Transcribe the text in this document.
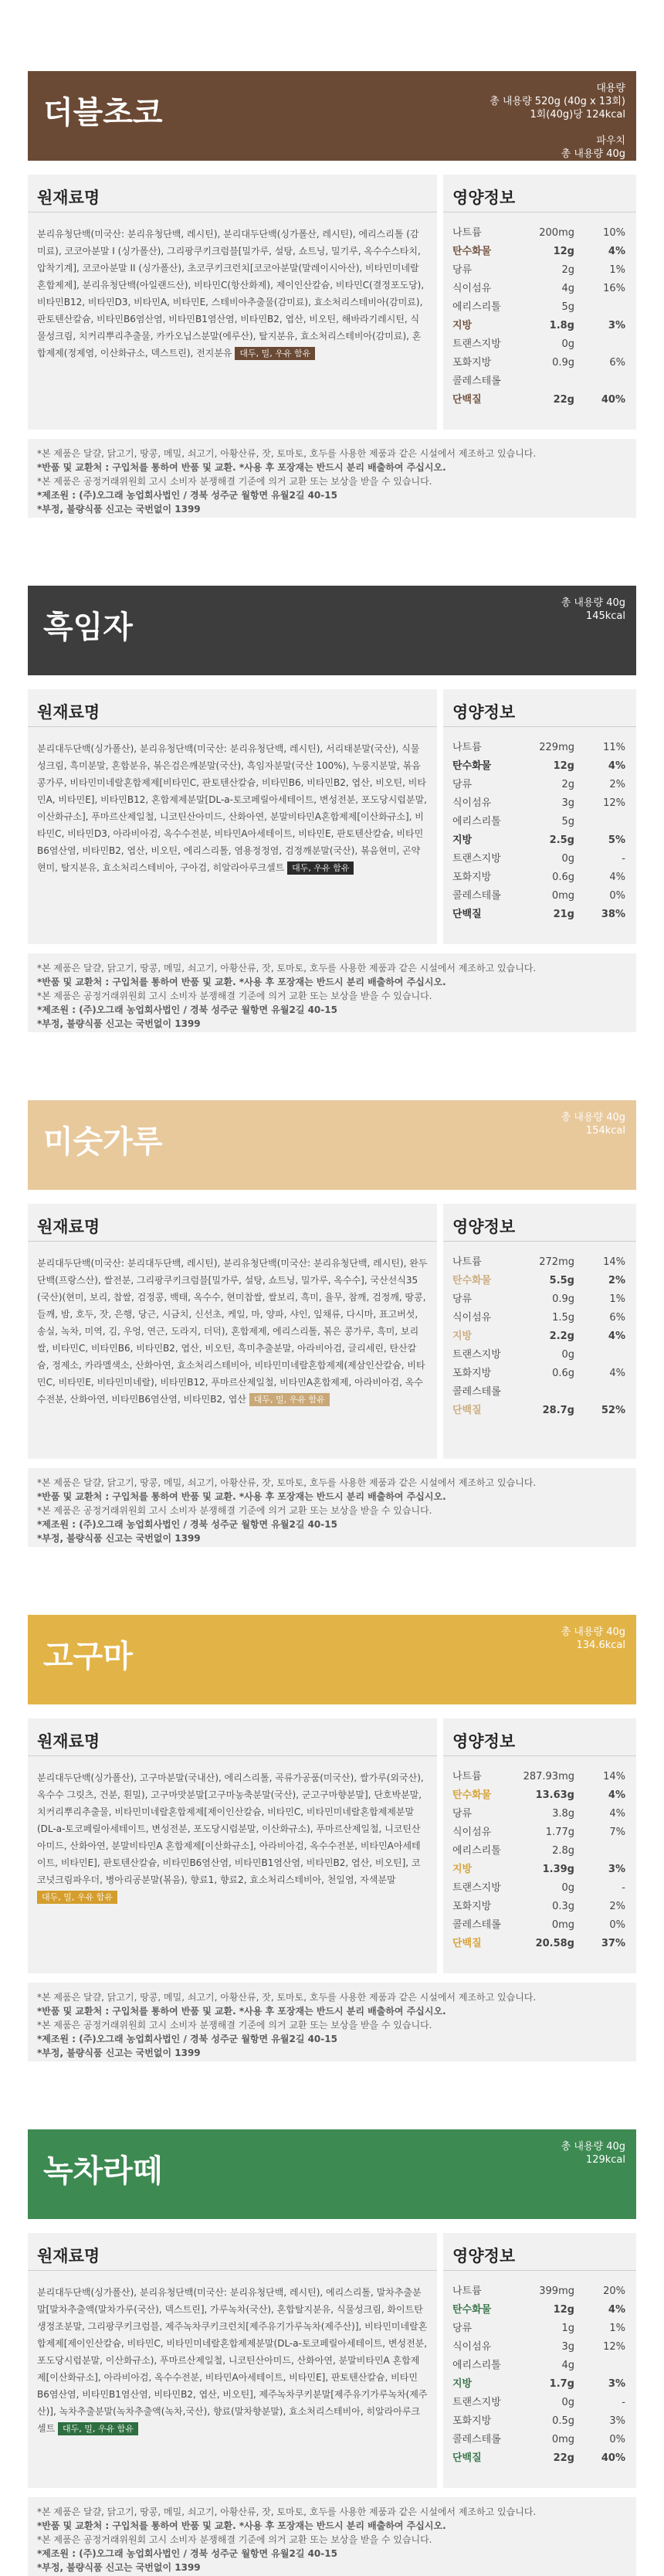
더블초코
대용량
총 내용량 520g (40g x 13회)
1회(40g)당 124kcal
파우치
총 내용량 40g
124kcal
원재료명
분리유청단백(미국산: 분리유청단백, 레시틴), 분리대두단백(싱가폴산, 레시틴), 에리스리톨 (감미료), 코코아분말 I (싱가폴산), 그리팡쿠키크럼블[밀가루, 설탕, 쇼트닝, 밀기루, 옥수수스타치, 압착기계], 코코아분말 II (싱가폴산), 초코쿠키크런치[코코아분말(말레이시아산), 비타민미네랄혼합제제], 분리유청단백(아일랜드산), 비타민C(항산화제), 제이인산칼슘, 비타민C(결정포도당), 비타민B12, 비타민D3, 비타민A, 비타민E, 스테비아추출물(감미료), 효소처리스테비아(감미료), 판토텐산칼슘, 비타민B6염산염, 비타민B1염산염, 비타민B2, 엽산, 비오틴, 해바라기레시틴, 식물성크림, 치커리뿌리추출물, 카카오닙스분말(에루산), 탈지분유, 효소처리스테비아(감미료), 혼합제제(정제염, 이산화규소, 덱스트린), 전지분유 대두, 밀, 우유 함유
영양정보
나트륨	200mg	10%
탄수화물	12g	4%
당류	2g	1%
식이섬유	4g	16%
에리스리톨	5g
지방	1.8g	3%
트랜스지방	0g
포화지방	0.9g	6%
콜레스테롤
단백질	22g	40%
*본 제품은 달걀, 닭고기, 땅콩, 메밀, 쇠고기, 아황산류, 잣, 토마토, 호두를 사용한 제품과 같은 시설에서 제조하고 있습니다.
*반품 및 교환처 : 구입처를 통하여 반품 및 교환. *사용 후 포장재는 반드시 분리 배출하여 주십시오.
*본 제품은 공정거래위원회 고시 소비자 분쟁해결 기준에 의거 교환 또는 보상을 받을 수 있습니다.
*제조원 : (주)오그래 농업회사법인 / 경북 성주군 월항면 유월2길 40-15
*부정, 불량식품 신고는 국번없이 1399
흑임자
총 내용량 40g
145kcal
원재료명
분리대두단백(싱가폴산), 분리유청단백(미국산: 분리유청단백, 레시틴), 서리태분말(국산), 식물성크림, 흑미분말, 혼합분유, 볶은검은깨분말(국산), 흑임자분말(국산 100%), 누룽지분말, 볶음콩가루, 비타민미네랄혼합제제[비타민C, 판토텐산칼슘, 비타민B6, 비타민B2, 엽산, 비오틴, 비타민A, 비타민E], 비타민B12, 혼합제제분말[DL-a-토코페릴아세테이트, 변성전분, 포도당시럽분말, 이산화규소], 푸마르산제일철, 니코틴산아미드, 산화아연, 분말비타민A혼합제제[이산화규소], 비타민C, 비타민D3, 아라비아검, 옥수수전분, 비타민A아세테이트, 비타민E, 판토텐산칼슘, 비타민B6염산염, 비타민B2, 엽산, 비오틴, 에리스리톨, 염용정정염, 검정깨분말(국산), 볶음현미, 곤약현미, 탈지분유, 효소처리스테비아, 구아검, 히알라아루크셀트 대두, 우유 함유
영양정보
나트륨	229mg	11%
탄수화물	12g	4%
당류	2g	2%
식이섬유	3g	12%
에리스리톨	5g
지방	2.5g	5%
트랜스지방	0g	-
포화지방	0.6g	4%
콜레스테롤	0mg	0%
단백질	21g	38%
*본 제품은 달걀, 닭고기, 땅콩, 메밀, 쇠고기, 아황산류, 잣, 토마토, 호두를 사용한 제품과 같은 시설에서 제조하고 있습니다.
*반품 및 교환처 : 구입처를 통하여 반품 및 교환. *사용 후 포장재는 반드시 분리 배출하여 주십시오.
*본 제품은 공정거래위원회 고시 소비자 분쟁해결 기준에 의거 교환 또는 보상을 받을 수 있습니다.
*제조원 : (주)오그래 농업회사법인 / 경북 성주군 월항면 유월2길 40-15
*부정, 불량식품 신고는 국번없이 1399
미숫가루
총 내용량 40g
154kcal
원재료명
분리대두단백(미국산: 분리대두단백, 레시틴), 분리유청단백(미국산: 분리유청단백, 레시틴), 완두단백(프랑스산), 쌀전분, 그리팡쿠키크럼블[밀가루, 설탕, 쇼트닝, 밀가루, 옥수수], 국산선식35 (국산)(현미, 보리, 찹쌀, 검정콩, 백태, 옥수수, 현미찹쌀, 쌀보리, 흑미, 율무, 참깨, 검정깨, 땅콩, 들깨, 밤, 호두, 잣, 은행, 당근, 시금치, 신선초, 케일, 마, 양파, 샤인, 잎채류, 다시마, 표고버섯, 송실, 녹차, 미역, 김, 우엉, 연근, 도라지, 더덕), 혼합제제, 에리스리톨, 볶은 콩가루, 흑미, 보리쌀, 비타민C, 비타민B6, 비타민B2, 엽산, 비오틴, 흑미추출분말, 아라비아검, 글리세린, 탄산칼슘, 정제소, 카라멜색소, 산화아연, 효소처리스테비아, 비타민미네랄혼합제제(제삼인산칼슘, 비타민C, 비타민E, 비타민미네랄), 비타민B12, 푸마르산제일철, 비타민A혼합제제, 아라비아검, 옥수수전분, 산화아연, 비타민B6염산염, 비타민B2, 엽산 대두, 밀, 우유 함유
영양정보
나트륨	272mg	14%
탄수화물	5.5g	2%
당류	0.9g	1%
식이섬유	1.5g	6%
지방	2.2g	4%
트랜스지방	0g
포화지방	0.6g	4%
콜레스테롤
단백질	28.7g	52%
*본 제품은 달걀, 닭고기, 땅콩, 메밀, 쇠고기, 아황산류, 잣, 토마토, 호두를 사용한 제품과 같은 시설에서 제조하고 있습니다.
*반품 및 교환처 : 구입처를 통하여 반품 및 교환. *사용 후 포장재는 반드시 분리 배출하여 주십시오.
*본 제품은 공정거래위원회 고시 소비자 분쟁해결 기준에 의거 교환 또는 보상을 받을 수 있습니다.
*제조원 : (주)오그래 농업회사법인 / 경북 성주군 월항면 유월2길 40-15
*부정, 불량식품 신고는 국번없이 1399
고구마
총 내용량 40g
134.6kcal
원재료명
분리대두단백(싱가폴산), 고구마분말(국내산), 에리스리톨, 곡류가공품(미국산), 쌀가루(외국산), 옥수수 그릿츠, 건분, 흰밀), 고구마맛분말[고구마농축분말(국산), 군고구마향분말], 단호박분말, 치커리뿌리추출물, 비타민미네랄혼합제제[제이인산칼슘, 비타민C, 비타민미네랄혼합제제분말(DL-a-토코페릴아세테이트, 변성전분, 포도당시럽분말, 이산화규소), 푸마르산제일철, 니코틴산아미드, 산화아연, 분말비타민A 혼합제제[이산화규소], 아라비아검, 옥수수전분, 비타민A아세테이트, 비타민E], 판토텐산칼슘, 비타민B6염산염, 비타민B1염산염, 비타민B2, 엽산, 비오틴], 코코넛크림파우더, 병아리공분말(볶음), 향료1, 향료2, 효소처리스테비아, 천일염, 자색분말 대두, 밀, 우유 함유
영양정보
나트륨	287.93mg	14%
탄수화물	13.63g	4%
당류	3.8g	4%
식이섬유	1.77g	7%
에리스리톨	2.8g
지방	1.39g	3%
트랜스지방	0g	-
포화지방	0.3g	2%
콜레스테롤	0mg	0%
단백질	20.58g	37%
*본 제품은 달걀, 닭고기, 땅콩, 메밀, 쇠고기, 아황산류, 잣, 토마토, 호두를 사용한 제품과 같은 시설에서 제조하고 있습니다.
*반품 및 교환처 : 구입처를 통하여 반품 및 교환. *사용 후 포장재는 반드시 분리 배출하여 주십시오.
*본 제품은 공정거래위원회 고시 소비자 분쟁해결 기준에 의거 교환 또는 보상을 받을 수 있습니다.
*제조원 : (주)오그래 농업회사법인 / 경북 성주군 월항면 유월2길 40-15
*부정, 불량식품 신고는 국번없이 1399
녹차라떼
총 내용량 40g
129kcal
원재료명
분리대두단백(싱가폴산), 분리유청단백(미국산: 분리유청단백, 레시틴), 에리스리톨, 말차추출분말[말차추출액(말차가루(국산), 덱스트린], 가루녹차(국산), 혼합탈지분유, 식물성크림, 화이트탄생정조분말, 그리팡쿠키크럼블, 제주녹차쿠키크런치[제주유기가루녹차(제주산)], 비타민미네랄혼합제제[제이인산칼슘, 비타민C, 비타민미네랄혼합제제분말(DL-a-토코페릴아세테이트, 변성전분, 포도당시럽분말, 이산화규소), 푸마르산제일철, 니코틴산아미드, 산화아연, 분말비타민A 혼합제제[이산화규소], 아라비아검, 옥수수전분, 비타민A아세테이트, 비타민E], 판토텐산칼슘, 비타민B6염산염, 비타민B1염산염, 비타민B2, 엽산, 비오틴], 제주녹차쿠키분말[제주유기가루녹차(제주산)], 녹차추출분말(녹차추출액(녹차,국산), 향료(말차향분말), 효소처리스테비아, 히알라아루크셀트 대두, 밀, 우유 함유
영양정보
나트륨	399mg	20%
탄수화물	12g	4%
당류	1g	1%
식이섬유	3g	12%
에리스리톨	4g
지방	1.7g	3%
트랜스지방	0g	-
포화지방	0.5g	3%
콜레스테롤	0mg	0%
단백질	22g	40%
*본 제품은 달걀, 닭고기, 땅콩, 메밀, 쇠고기, 아황산류, 잣, 토마토, 호두를 사용한 제품과 같은 시설에서 제조하고 있습니다.
*반품 및 교환처 : 구입처를 통하여 반품 및 교환. *사용 후 포장재는 반드시 분리 배출하여 주십시오.
*본 제품은 공정거래위원회 고시 소비자 분쟁해결 기준에 의거 교환 또는 보상을 받을 수 있습니다.
*제조원 : (주)오그래 농업회사법인 / 경북 성주군 월항면 유월2길 40-15
*부정, 불량식품 신고는 국번없이 1399
